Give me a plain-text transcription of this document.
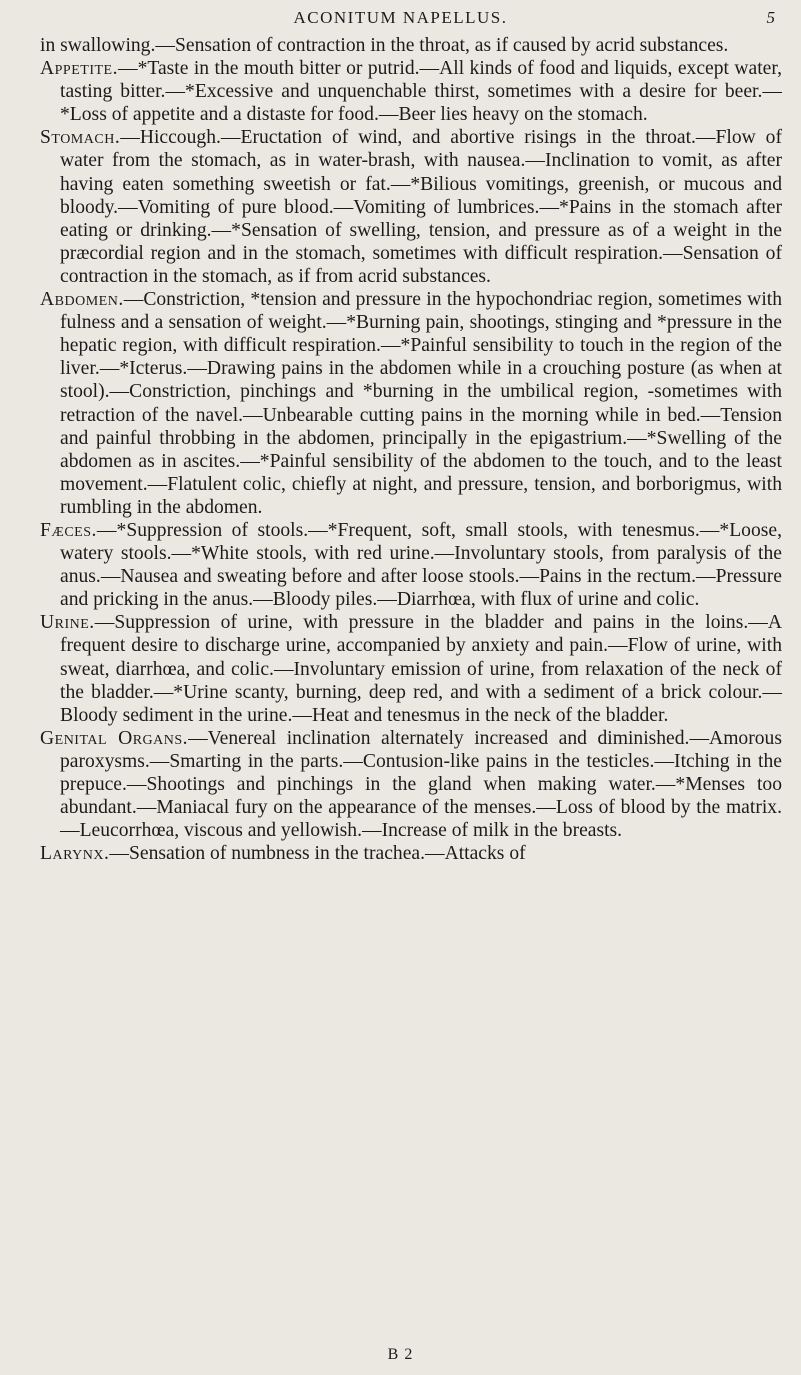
ACONITUM NAPELLUS.	5

in swallowing.—Sensation of contraction in the throat, as if caused by acrid substances.

Appetite.—*Taste in the mouth bitter or putrid.—All kinds of food and liquids, except water, tasting bitter.—*Excessive and unquenchable thirst, sometimes with a desire for beer.—*Loss of appetite and a distaste for food.—Beer lies heavy on the stomach.

Stomach.—Hiccough.—Eructation of wind, and abortive risings in the throat.—Flow of water from the stomach, as in water-brash, with nausea.—Inclination to vomit, as after having eaten something sweetish or fat.—*Bilious vomitings, greenish, or mucous and bloody.—Vomiting of pure blood.—Vomiting of lumbrices.—*Pains in the stomach after eating or drinking.—*Sensation of swelling, tension, and pressure as of a weight in the præcordial region and in the stomach, sometimes with difficult respiration.—Sensation of contraction in the stomach, as if from acrid substances.

Abdomen.—Constriction, *tension and pressure in the hypochondriac region, sometimes with fulness and a sensation of weight.—*Burning pain, shootings, stinging and *pressure in the hepatic region, with difficult respiration.—*Painful sensibility to touch in the region of the liver.—*Icterus.—Drawing pains in the abdomen while in a crouching posture (as when at stool).—Constriction, pinchings and *burning in the umbilical region, -sometimes with retraction of the navel.—Unbearable cutting pains in the morning while in bed.—Tension and painful throbbing in the abdomen, principally in the epigastrium.—*Swelling of the abdomen as in ascites.—*Painful sensibility of the abdomen to the touch, and to the least movement.—Flatulent colic, chiefly at night, and pressure, tension, and borborigmus, with rumbling in the abdomen.

Fæces.—*Suppression of stools.—*Frequent, soft, small stools, with tenesmus.—*Loose, watery stools.—*White stools, with red urine.—Involuntary stools, from paralysis of the anus.—Nausea and sweating before and after loose stools.—Pains in the rectum.—Pressure and pricking in the anus.—Bloody piles.—Diarrhœa, with flux of urine and colic.

Urine.—Suppression of urine, with pressure in the bladder and pains in the loins.—A frequent desire to discharge urine, accompanied by anxiety and pain.—Flow of urine, with sweat, diarrhœa, and colic.—Involuntary emission of urine, from relaxation of the neck of the bladder.—*Urine scanty, burning, deep red, and with a sediment of a brick colour.—Bloody sediment in the urine.—Heat and tenesmus in the neck of the bladder.

Genital Organs.—Venereal inclination alternately increased and diminished.—Amorous paroxysms.—Smarting in the parts.—Contusion-like pains in the testicles.—Itching in the prepuce.—Shootings and pinchings in the gland when making water.—*Menses too abundant.—Maniacal fury on the appearance of the menses.—Loss of blood by the matrix.—Leucorrhœa, viscous and yellowish.—Increase of milk in the breasts.

Larynx.—Sensation of numbness in the trachea.—Attacks of

B 2
